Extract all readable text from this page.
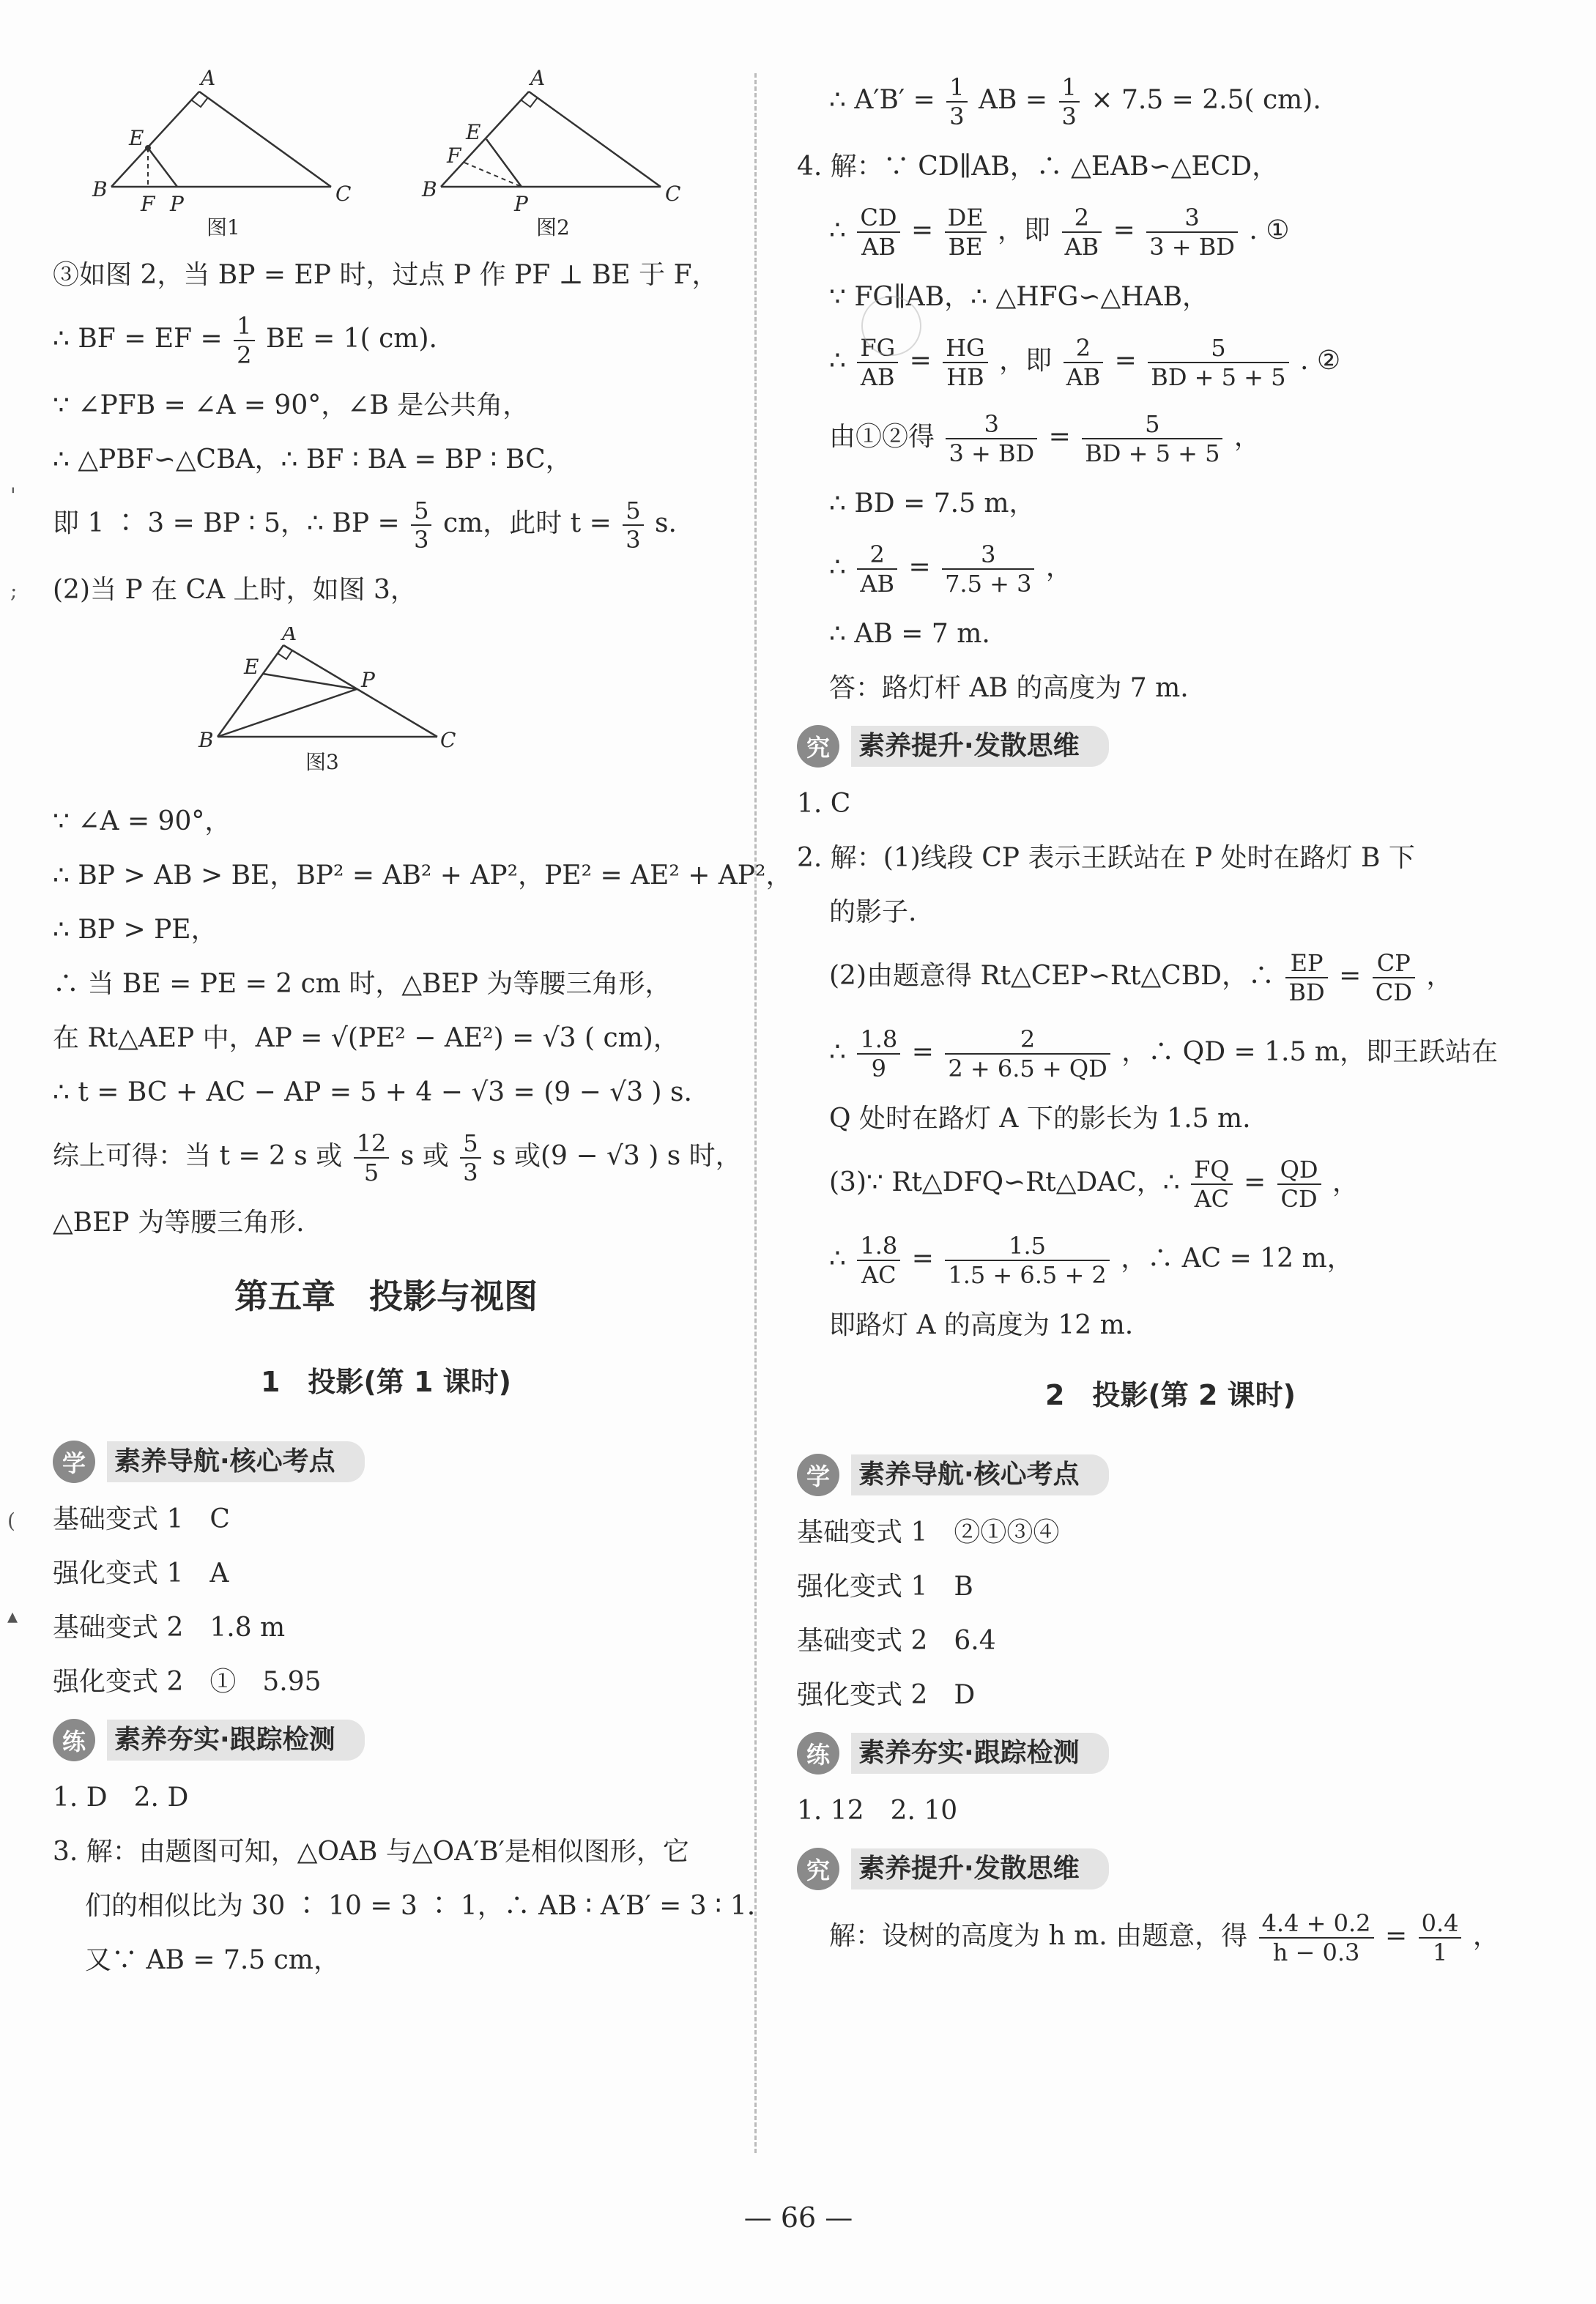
A
B	C
E
F P
图1
A
B	C
E
F
P
图2
③如图 2，当 BP = EP 时，过点 P 作 PF ⊥ BE 于 F，
∴ BF = EF = $\frac{1}{2}$ BE = 1( cm).
∵ ∠PFB = ∠A = 90°，∠B 是公共角，
∴ △PBF∽△CBA，∴ BF ∶ BA = BP ∶ BC，
即 1 ∶ 3 = BP ∶ 5，∴ BP = $\frac{5}{3}$ cm，此时 $t = \frac{5}{3} s$.
(2)当 P 在 CA 上时，如图 3，
A
B	C
E
P
图3
∵ ∠A = 90°，
∴ BP > AB > BE，BP² = AB² + AP²，PE² = AE² + AP²，
∴ BP > PE，
∴ 当 BE = PE = 2 cm 时，△BEP 为等腰三角形，
在 Rt△AEP 中，AP = √(PE² − AE²) = √3 ( cm)，
∴ t = BC + AC − AP = 5 + 4 − √3 = (9 − √3 ) s.
综上可得：当 t = 2 s 或 $\frac{12}{5}$ s 或 $\frac{5}{3}$ s 或(9 − √3 ) s 时，
△BEP 为等腰三角形.
第五章　投影与视图
1　投影(第 1 课时)
学	素养导航·核心考点
基础变式 1　C
强化变式 1　A
基础变式 2　1.8 m
强化变式 2　①　5.95
练	素养夯实·跟踪检测
1. D　2. D
3. 解：由题图可知，△OAB 与△OA′B′是相似图形，它
们的相似比为 30 ∶ 10 = 3 ∶ 1，∴ AB ∶ A′B′ = 3 ∶ 1.
又∵ AB = 7.5 cm，
∴ $A'B' = \frac{1}{3}$ AB = $\frac{1}{3} \times 7.5 = 2.5$( cm).
4. 解：∵ CD∥AB，∴ △EAB∽△ECD，
∴ $\frac{CD}{AB} = \frac{DE}{BE}$ ，即 $\frac{2}{AB} = \frac{3}{3 + BD}$ . ①
∵ FG∥AB，∴ △HFG∽△HAB，
∴ $\frac{FG}{AB} = \frac{HG}{HB}$ ，即 $\frac{2}{AB} = \frac{5}{BD + 5 + 5}$ . ②
由①②得 $\frac{3}{3 + BD} = \frac{5}{BD + 5 + 5}$ ，
∴ BD = 7.5 m，
∴ $\frac{2}{AB} = \frac{3}{7.5 + 3}$ ，
∴ AB = 7 m.
答：路灯杆 AB 的高度为 7 m.
究	素养提升·发散思维
1. C
2. 解：(1)线段 CP 表示王跃站在 P 处时在路灯 B 下
的影子.
(2)由题意得 Rt△CEP∽Rt△CBD，∴ $\frac{EP}{BD} = \frac{CP}{CD}$ ，
∴ $\frac{1.8}{9} = \frac{2}{2 + 6.5 + QD}$ ，∴ QD = 1.5 m，即王跃站在
Q 处时在路灯 A 下的影长为 1.5 m.
(3)∵ Rt△DFQ∽Rt△DAC，∴ $\frac{FQ}{AC} = \frac{QD}{CD}$ ，
∴ $\frac{1.8}{AC} = \frac{1.5}{1.5 + 6.5 + 2}$ ，∴ AC = 12 m，
即路灯 A 的高度为 12 m.
2　投影(第 2 课时)
学	素养导航·核心考点
基础变式 1　②①③④
强化变式 1　B
基础变式 2　6.4
强化变式 2　D
练	素养夯实·跟踪检测
1. 12　2. 10
究	素养提升·发散思维
解：设树的高度为 h m. 由题意，得 $\frac{4.4 + 0.2}{h - 0.3} = \frac{0.4}{1}$ ，
'
;
(
▴
— 66 —
